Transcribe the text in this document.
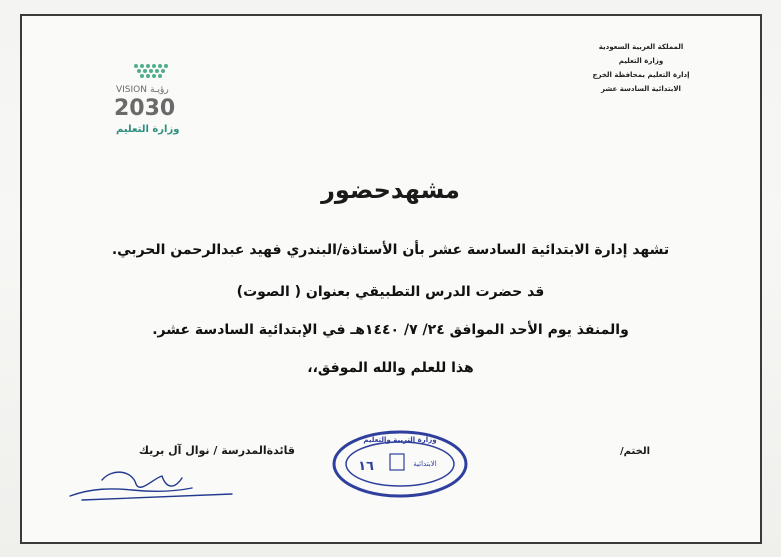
VISION رؤيـة
2030
وزارة التعليم
المملكة العربية السعودية
وزارة التعليم
إدارة التعليم بمحافظة الخرج
الابتدائية السادسة عشر
مشهدحضور
تشهد إدارة الابتدائية السادسة عشر بأن الأستاذة/البندري فهيد عبدالرحمن الحربي.
قد حضرت الدرس التطبيقي بعنوان ( الصوت)
والمنفذ يوم الأحد الموافق ٢٤/ ٧/ ١٤٤٠هـ في الإبتدائية السادسة عشر.
هذا للعلم والله الموفق،،
قائدةالمدرسة / نوال آل بريك	الختم/
وزارة التربية والتعليم
الابتدائية
١٦
